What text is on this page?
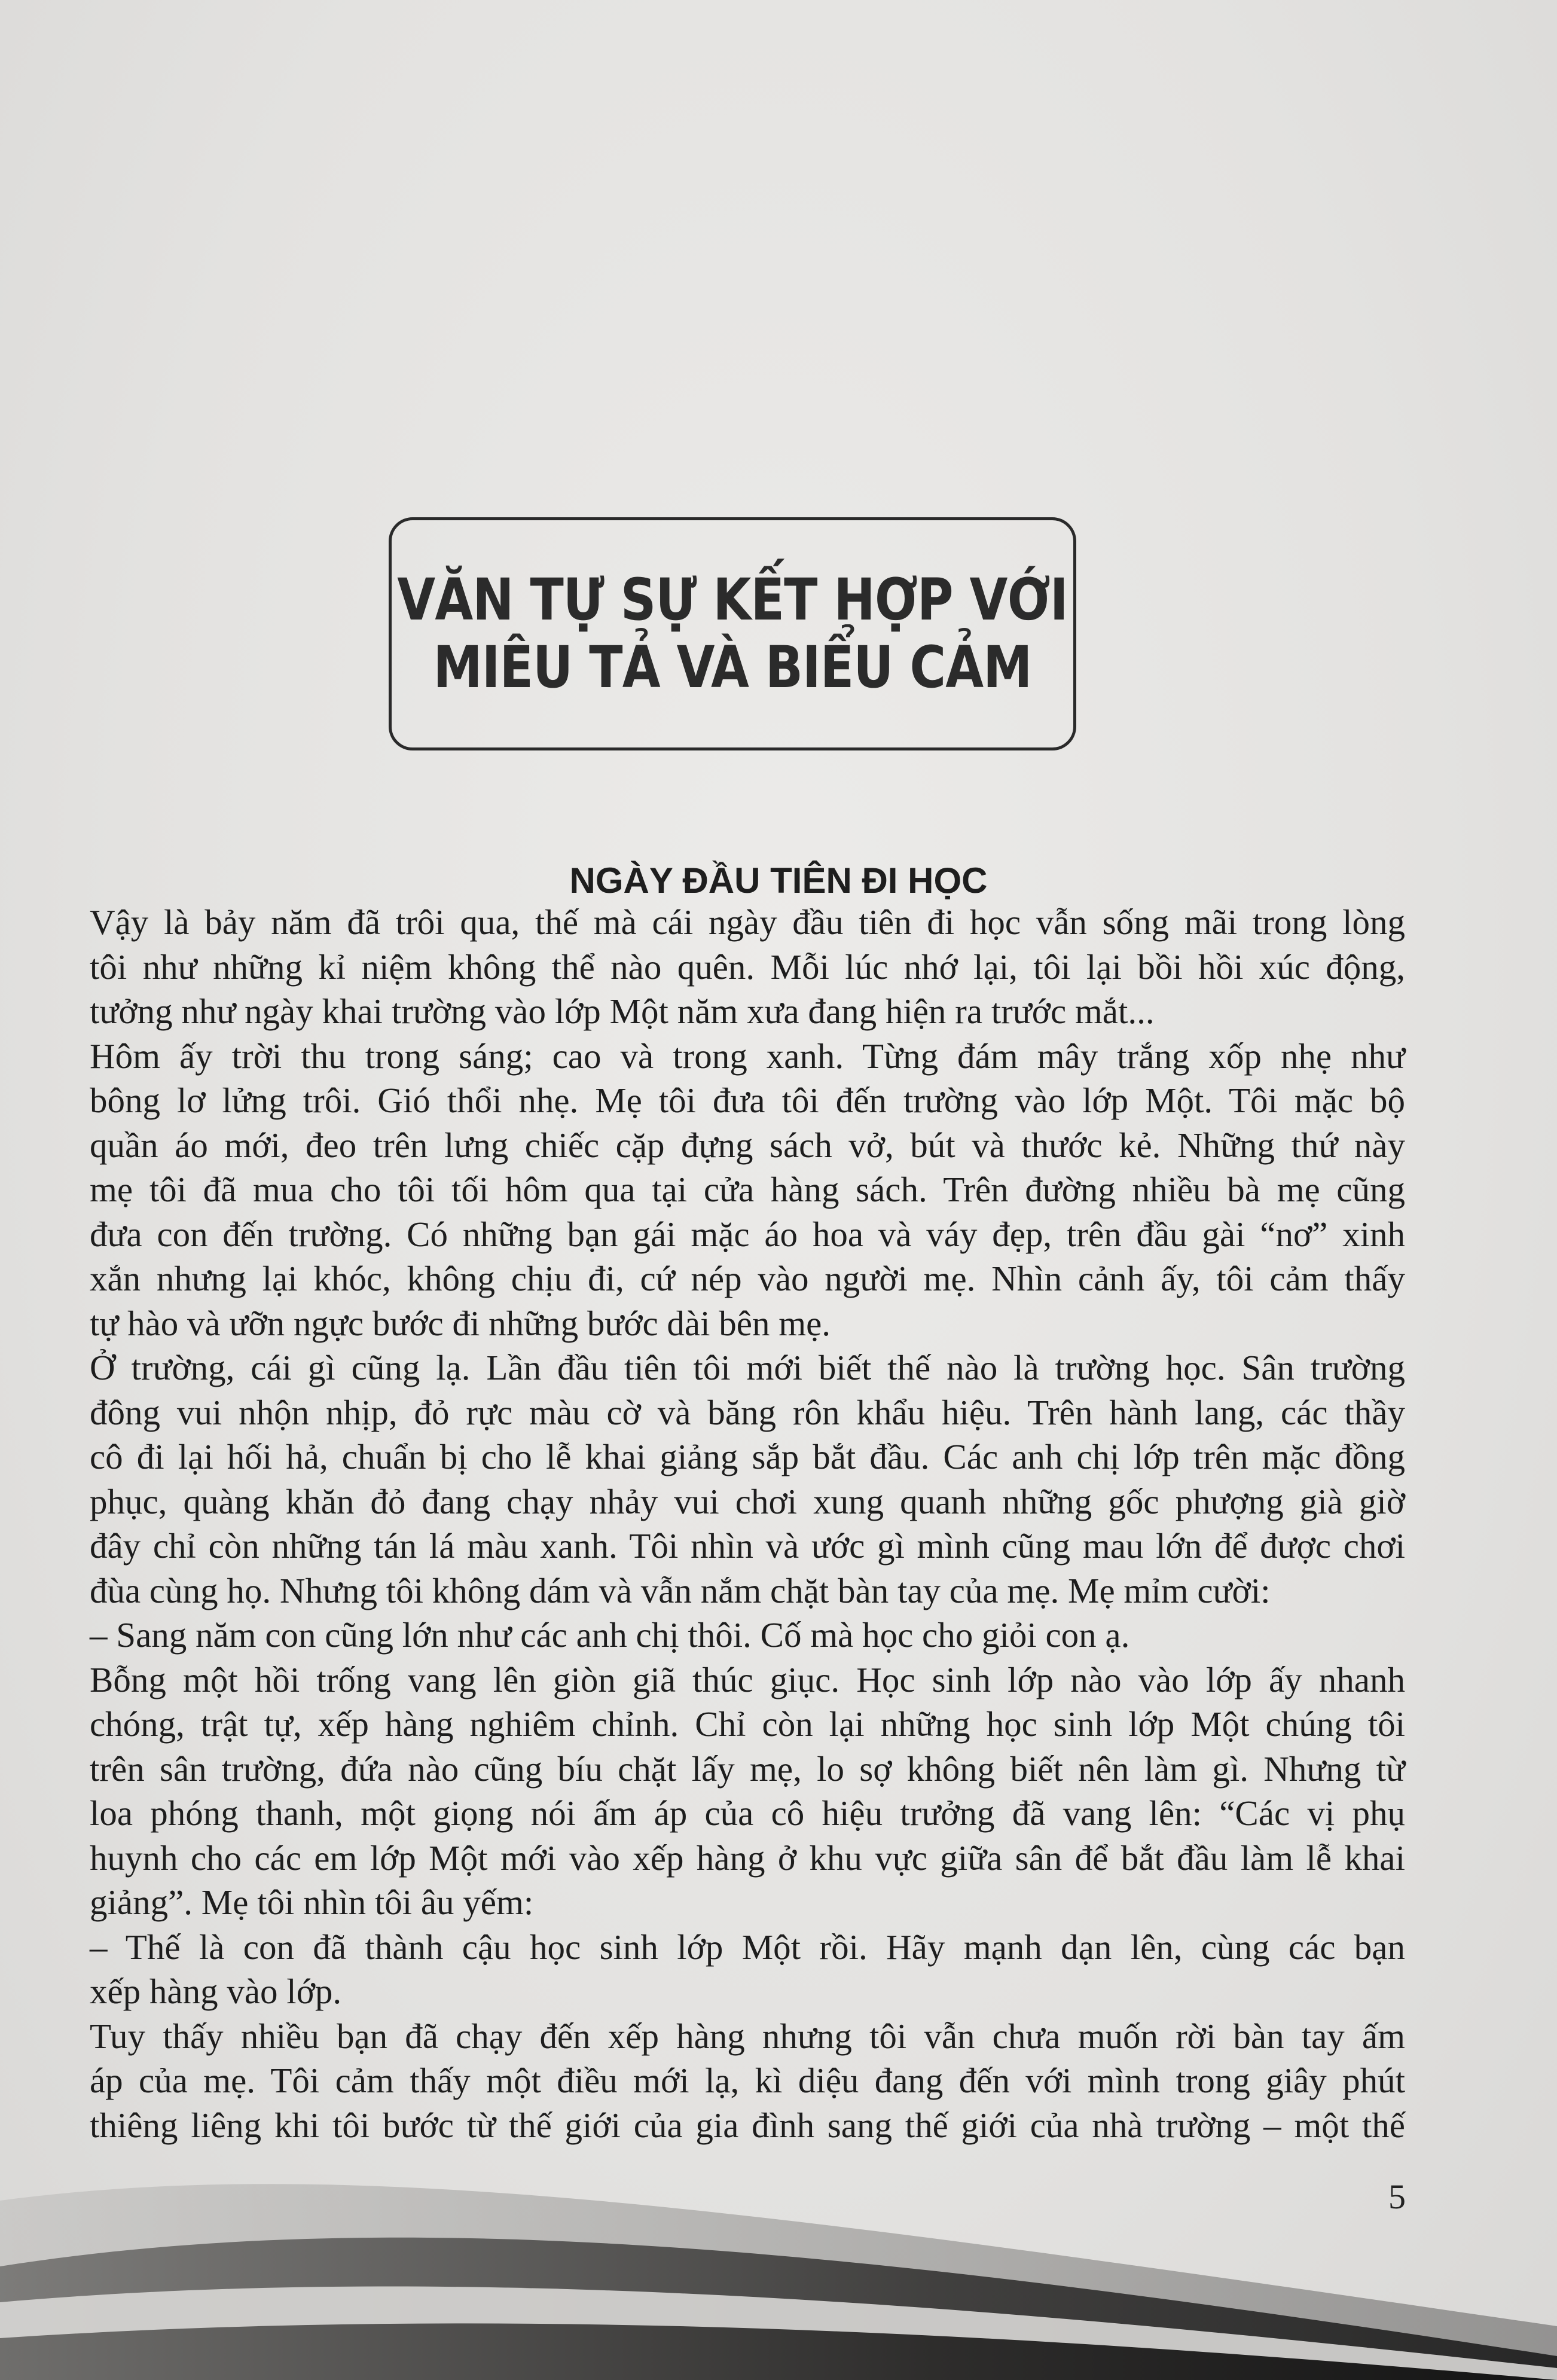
VĂN TỰ SỰ KẾT HỢP VỚI
MIÊU TẢ VÀ BIỂU CẢM
NGÀY ĐẦU TIÊN ĐI HỌC
Vậy là bảy năm đã trôi qua, thế mà cái ngày đầu tiên đi học vẫn sống mãi trong lòng
tôi như những kỉ niệm không thể nào quên. Mỗi lúc nhớ lại, tôi lại bồi hồi xúc động,
tưởng như ngày khai trường vào lớp Một năm xưa đang hiện ra trước mắt...
Hôm ấy trời thu trong sáng; cao và trong xanh. Từng đám mây trắng xốp nhẹ như
bông lơ lửng trôi. Gió thổi nhẹ. Mẹ tôi đưa tôi đến trường vào lớp Một. Tôi mặc bộ
quần áo mới, đeo trên lưng chiếc cặp đựng sách vở, bút và thước kẻ. Những thứ này
mẹ tôi đã mua cho tôi tối hôm qua tại cửa hàng sách. Trên đường nhiều bà mẹ cũng
đưa con đến trường. Có những bạn gái mặc áo hoa và váy đẹp, trên đầu gài “nơ” xinh
xắn nhưng lại khóc, không chịu đi, cứ nép vào người mẹ. Nhìn cảnh ấy, tôi cảm thấy
tự hào và ưỡn ngực bước đi những bước dài bên mẹ.
Ở trường, cái gì cũng lạ. Lần đầu tiên tôi mới biết thế nào là trường học. Sân trường
đông vui nhộn nhịp, đỏ rực màu cờ và băng rôn khẩu hiệu. Trên hành lang, các thầy
cô đi lại hối hả, chuẩn bị cho lễ khai giảng sắp bắt đầu. Các anh chị lớp trên mặc đồng
phục, quàng khăn đỏ đang chạy nhảy vui chơi xung quanh những gốc phượng già giờ
đây chỉ còn những tán lá màu xanh. Tôi nhìn và ước gì mình cũng mau lớn để được chơi
đùa cùng họ. Nhưng tôi không dám và vẫn nắm chặt bàn tay của mẹ. Mẹ mỉm cười:
– Sang năm con cũng lớn như các anh chị thôi. Cố mà học cho giỏi con ạ.
Bỗng một hồi trống vang lên giòn giã thúc giục. Học sinh lớp nào vào lớp ấy nhanh
chóng, trật tự, xếp hàng nghiêm chỉnh. Chỉ còn lại những học sinh lớp Một chúng tôi
trên sân trường, đứa nào cũng bíu chặt lấy mẹ, lo sợ không biết nên làm gì. Nhưng từ
loa phóng thanh, một giọng nói ấm áp của cô hiệu trưởng đã vang lên: “Các vị phụ
huynh cho các em lớp Một mới vào xếp hàng ở khu vực giữa sân để bắt đầu làm lễ khai
giảng”. Mẹ tôi nhìn tôi âu yếm:
– Thế là con đã thành cậu học sinh lớp Một rồi. Hãy mạnh dạn lên, cùng các bạn
xếp hàng vào lớp.
Tuy thấy nhiều bạn đã chạy đến xếp hàng nhưng tôi vẫn chưa muốn rời bàn tay ấm
áp của mẹ. Tôi cảm thấy một điều mới lạ, kì diệu đang đến với mình trong giây phút
thiêng liêng khi tôi bước từ thế giới của gia đình sang thế giới của nhà trường – một thế
5
